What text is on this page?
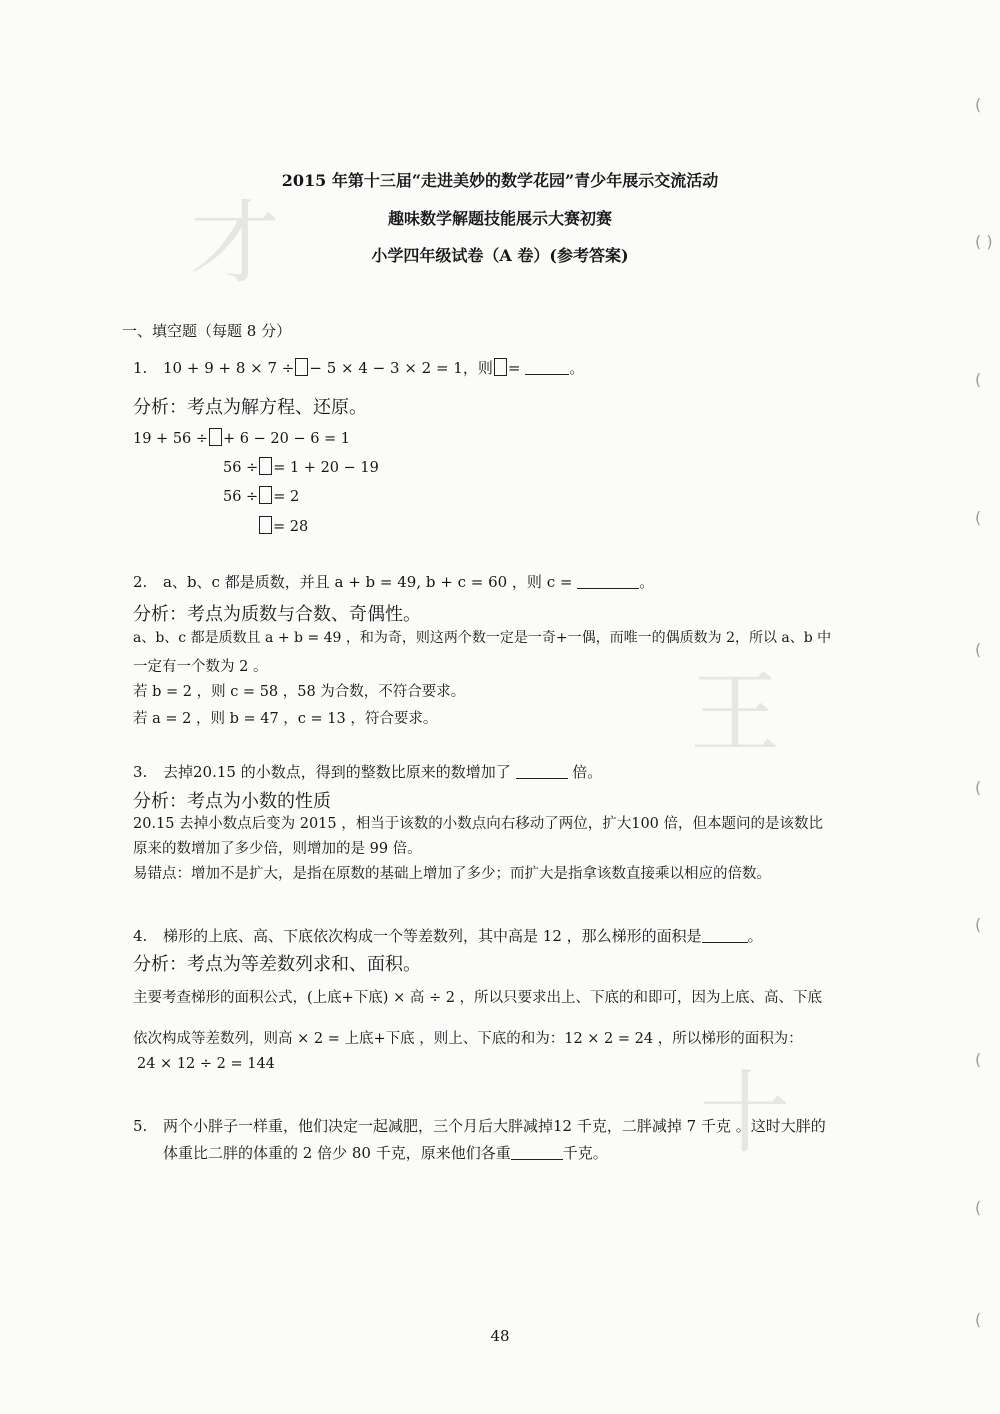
才
王
十
(
( )
(
(
(
(
(
(
(
(
2015 年第十三届“走进美妙的数学花园”青少年展示交流活动
趣味数学解题技能展示大赛初赛
小学四年级试卷（A 卷）(参考答案)
一、填空题（每题 8 分）
1. 10 + 9 + 8 × 7 ÷ − 5 × 4 − 3 × 2 = 1，则 =	。
分析：考点为解方程、还原。
19 + 56 ÷ + 6 − 20 − 6 = 1
56 ÷ = 1 + 20 − 19
56 ÷ = 2
= 28
2. a、b、c 都是质数，并且 a + b = 49, b + c = 60 ，则 c =	。
分析：考点为质数与合数、奇偶性。
a、b、c 都是质数且 a + b = 49 ，和为奇，则这两个数一定是一奇+一偶，而唯一的偶质数为 2，所以 a、b 中
一定有一个数为 2 。
若 b = 2 ，则 c = 58 ，58 为合数，不符合要求。
若 a = 2 ，则 b = 47 ，c = 13 ，符合要求。
3. 去掉20.15 的小数点，得到的整数比原来的数增加了	倍。
分析：考点为小数的性质
20.15 去掉小数点后变为 2015 ，相当于该数的小数点向右移动了两位，扩大100 倍，但本题问的是该数比
原来的数增加了多少倍，则增加的是 99 倍。
易错点：增加不是扩大，是指在原数的基础上增加了多少；而扩大是指拿该数直接乘以相应的倍数。
4. 梯形的上底、高、下底依次构成一个等差数列，其中高是 12 ，那么梯形的面积是	。
分析：考点为等差数列求和、面积。
主要考查梯形的面积公式，(上底+下底) × 高 ÷ 2 ，所以只要求出上、下底的和即可，因为上底、高、下底
依次构成等差数列，则高 × 2 = 上底+下底 ，则上、下底的和为：12 × 2 = 24 ，所以梯形的面积为：
24 × 12 ÷ 2 = 144
5. 两个小胖子一样重，他们决定一起减肥，三个月后大胖减掉12 千克，二胖减掉 7 千克 。这时大胖的
体重比二胖的体重的 2 倍少 80 千克，原来他们各重	千克。
48
